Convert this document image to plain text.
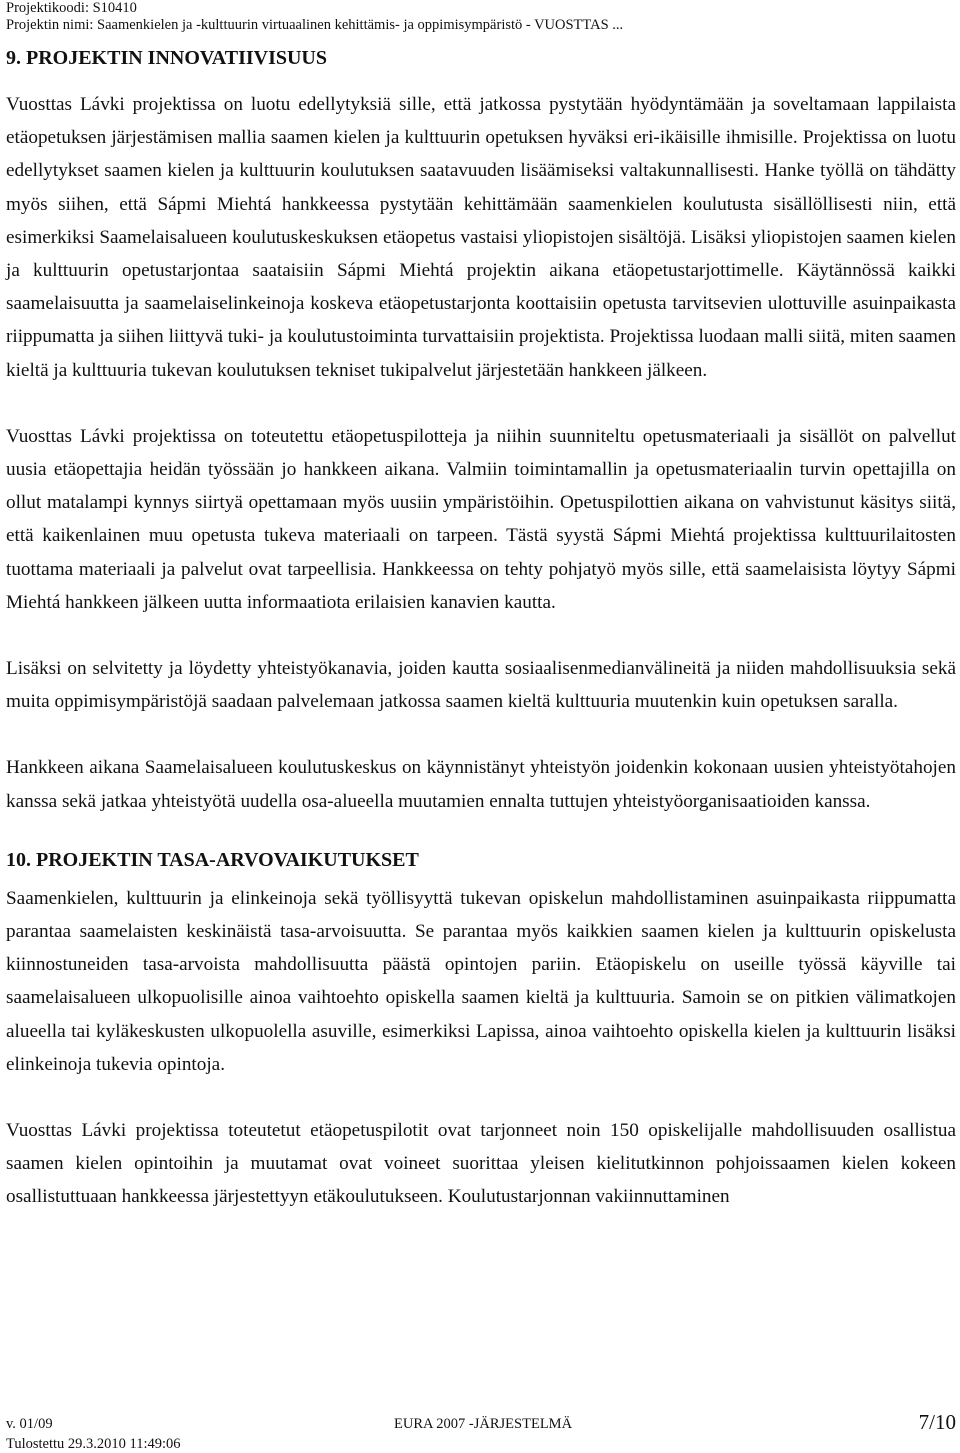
Projektikoodi: S10410
Projektin nimi: Saamenkielen ja -kulttuurin virtuaalinen kehittämis- ja oppimisympäristö - VUOSTTAS ...
9. PROJEKTIN INNOVATIIVISUUS

Vuosttas Lávki projektissa on luotu edellytyksiä sille, että jatkossa pystytään hyödyntämään ja soveltamaan lappilaista etäopetuksen järjestämisen mallia saamen kielen ja kulttuurin opetuksen hyväksi eri-ikäisille ihmisille. Projektissa on luotu edellytykset saamen kielen ja kulttuurin koulutuksen saatavuuden lisäämiseksi valtakunnallisesti. Hanke työllä on tähdätty myös siihen, että Sápmi Miehtá hankkeessa pystytään kehittämään saamenkielen koulutusta sisällöllisesti niin, että esimerkiksi Saamelaisalueen koulutuskeskuksen etäopetus vastaisi yliopistojen sisältöjä. Lisäksi yliopistojen saamen kielen ja kulttuurin opetustarjontaa saataisiin Sápmi Miehtá projektin aikana etäopetustarjottimelle. Käytännössä kaikki saamelaisuutta ja saamelaiselinkeinoja koskeva etäopetustarjonta koottaisiin opetusta tarvitsevien ulottuville asuinpaikasta riippumatta ja siihen liittyvä tuki- ja koulutustoiminta turvattaisiin projektista. Projektissa luodaan malli siitä, miten saamen kieltä ja kulttuuria tukevan koulutuksen tekniset tukipalvelut järjestetään hankkeen jälkeen.

Vuosttas Lávki projektissa on toteutettu etäopetuspilotteja ja niihin suunniteltu opetusmateriaali ja sisällöt on palvellut uusia etäopettajia heidän työssään jo hankkeen aikana. Valmiin toimintamallin ja opetusmateriaalin turvin opettajilla on ollut matalampi kynnys siirtyä opettamaan myös uusiin ympäristöihin. Opetuspilottien aikana on vahvistunut käsitys siitä, että kaikenlainen muu opetusta tukeva materiaali on tarpeen. Tästä syystä Sápmi Miehtá projektissa kulttuurilaitosten tuottama materiaali ja palvelut ovat tarpeellisia. Hankkeessa on tehty pohjatyö myös sille, että saamelaisista löytyy Sápmi Miehtá hankkeen jälkeen uutta informaatiota erilaisien kanavien kautta.

Lisäksi on selvitetty ja löydetty yhteistyökanavia, joiden kautta sosiaalisenmedianvälineitä ja niiden mahdollisuuksia sekä muita oppimisympäristöjä saadaan palvelemaan jatkossa saamen kieltä kulttuuria muutenkin kuin opetuksen saralla.

Hankkeen aikana Saamelaisalueen koulutuskeskus on käynnistänyt yhteistyön joidenkin kokonaan uusien yhteistyötahojen kanssa sekä jatkaa yhteistyötä uudella osa-alueella muutamien ennalta tuttujen yhteistyöorganisaatioiden kanssa.

10. PROJEKTIN TASA-ARVOVAIKUTUKSET

Saamenkielen, kulttuurin ja elinkeinoja sekä työllisyyttä tukevan opiskelun mahdollistaminen asuinpaikasta riippumatta parantaa saamelaisten keskinäistä tasa-arvoisuutta. Se parantaa myös kaikkien saamen kielen ja kulttuurin opiskelusta kiinnostuneiden tasa-arvoista mahdollisuutta päästä opintojen pariin. Etäopiskelu on useille työssä käyville tai saamelaisalueen ulkopuolisille ainoa vaihtoehto opiskella saamen kieltä ja kulttuuria. Samoin se on pitkien välimatkojen alueella tai kyläkeskusten ulkopuolella asuville, esimerkiksi Lapissa, ainoa vaihtoehto opiskella kielen ja kulttuurin lisäksi elinkeinoja tukevia opintoja.

Vuosttas Lávki projektissa toteutetut etäopetuspilotit ovat tarjonneet noin 150 opiskelijalle mahdollisuuden osallistua saamen kielen opintoihin ja muutamat ovat voineet suorittaa yleisen kielitutkinnon pohjoissaamen kielen kokeen osallistuttuaan hankkeessa järjestettyyn etäkoulutukseen. Koulutustarjonnan vakiinnuttaminen

v. 01/09	EURA 2007 -JÄRJESTELMÄ	7/10
Tulostettu 29.3.2010 11:49:06
